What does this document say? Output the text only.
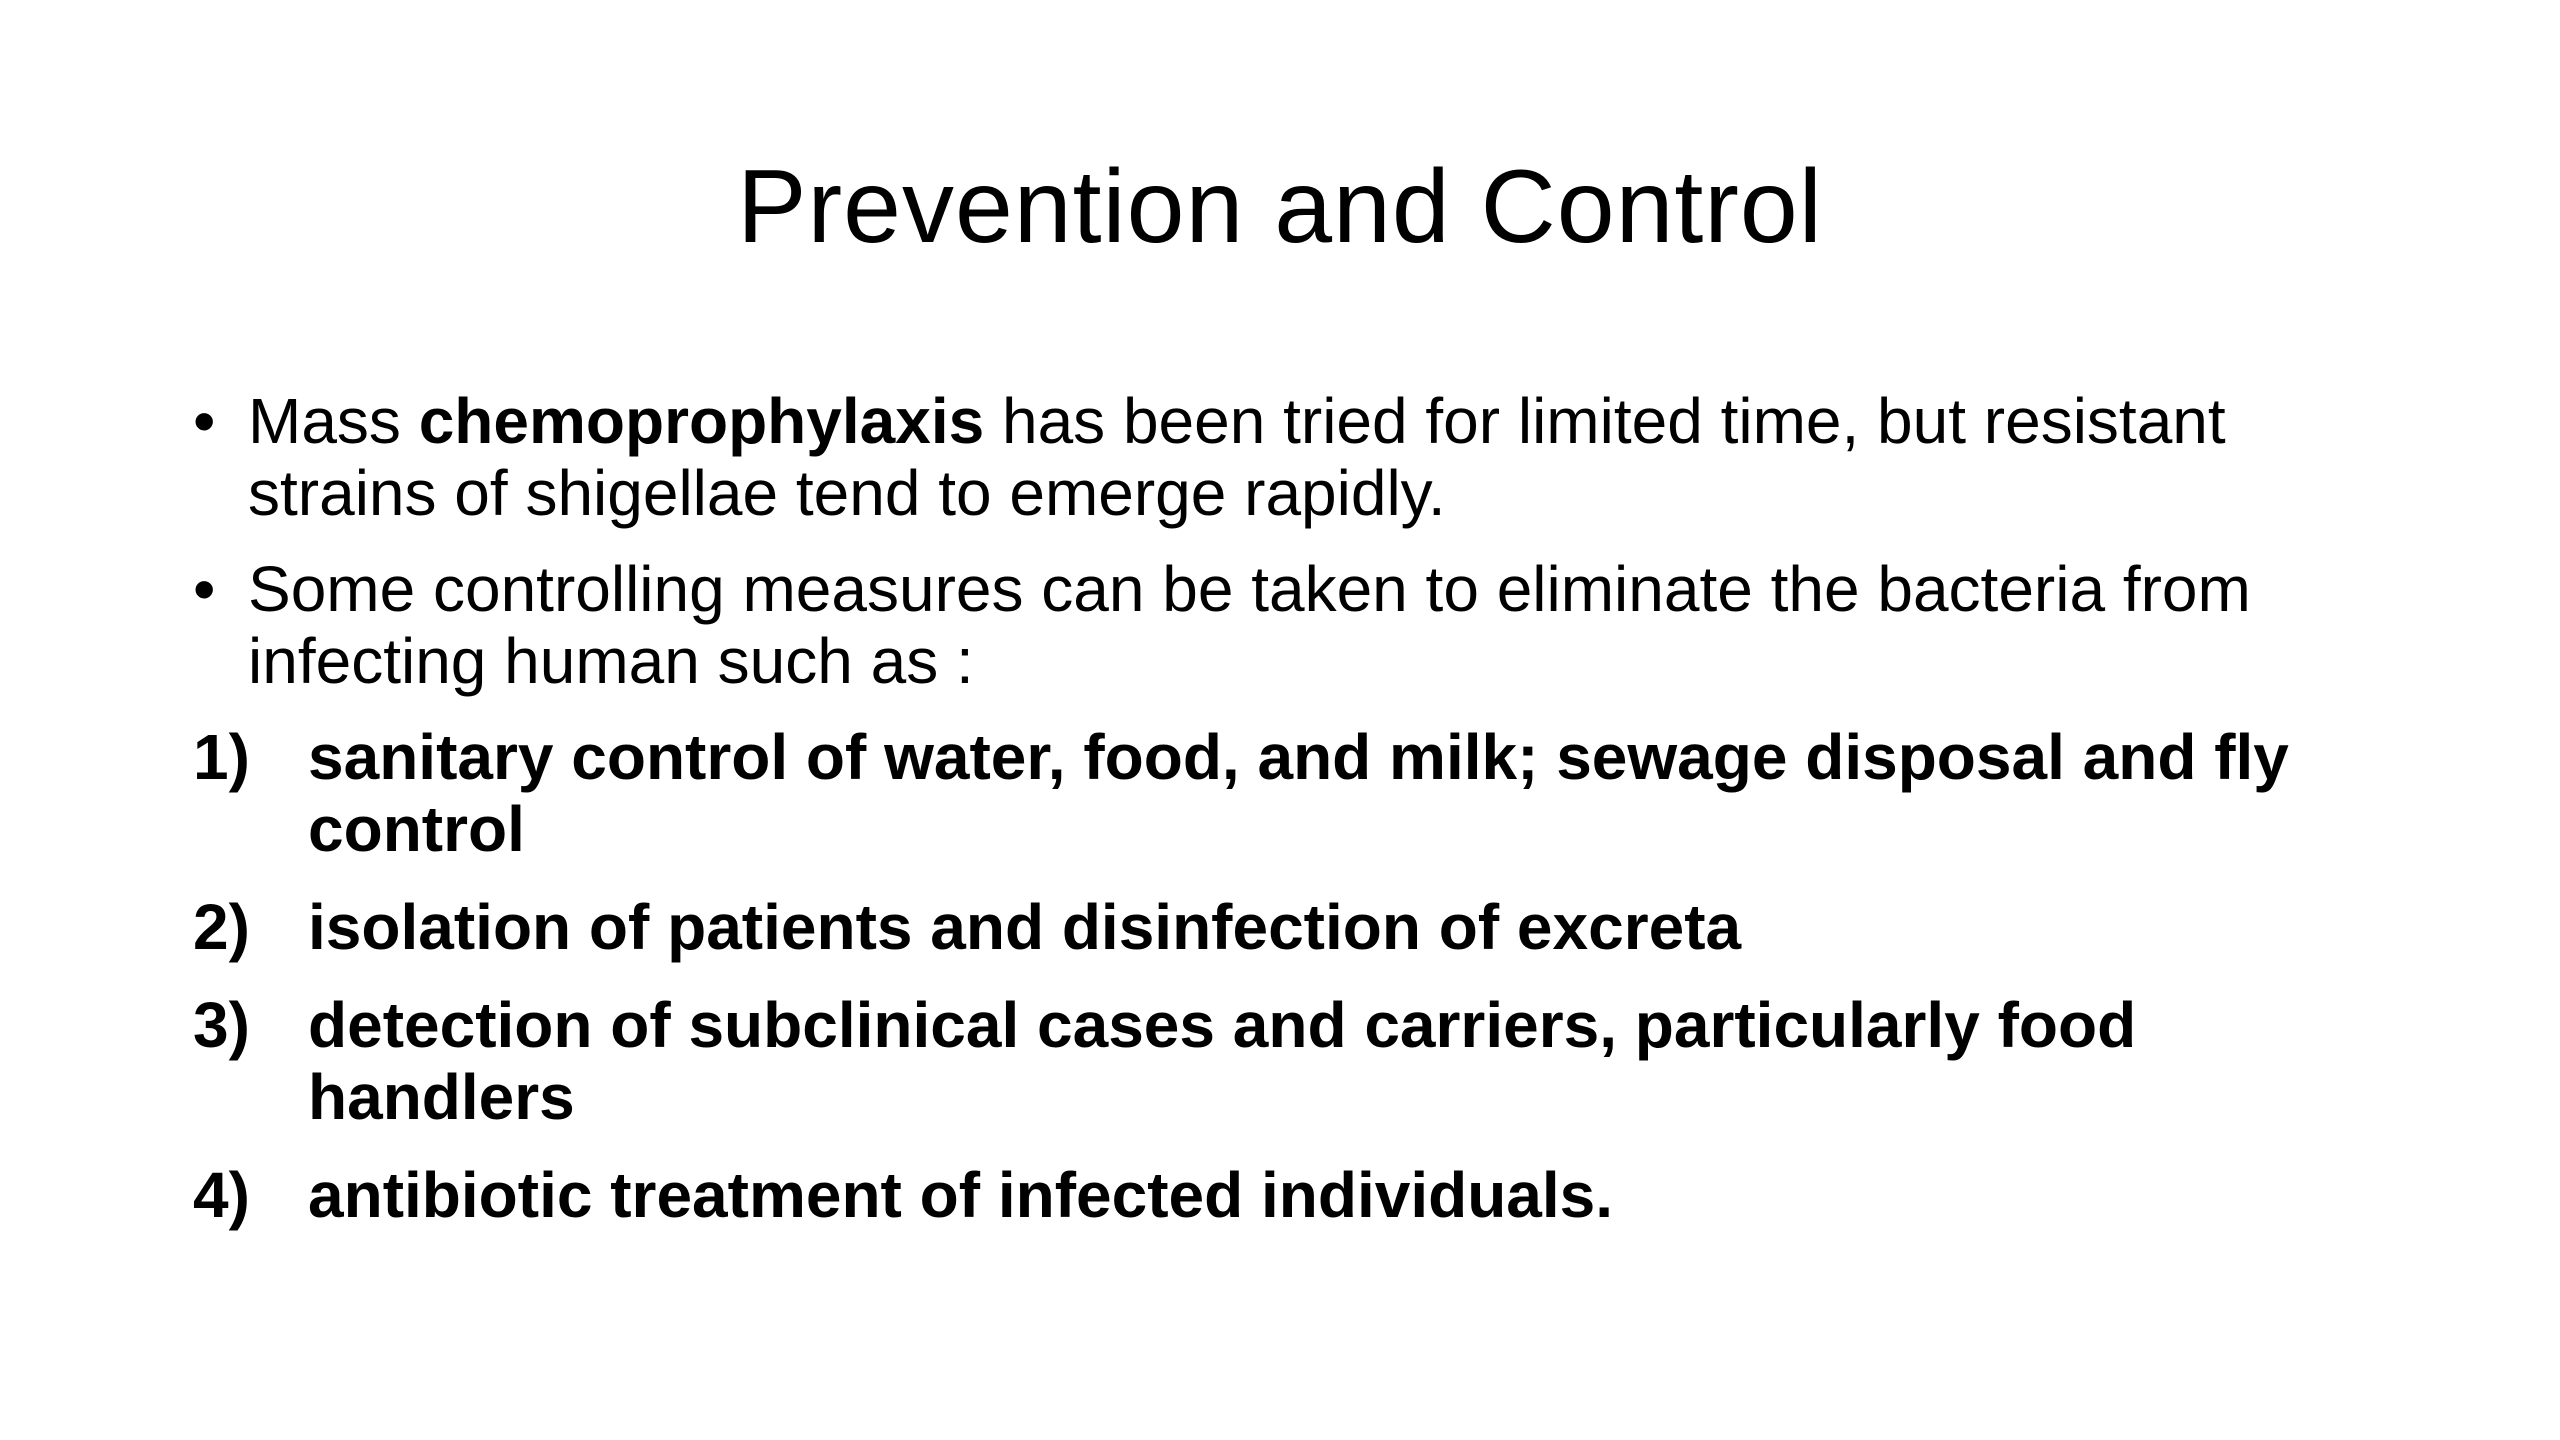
Prevention and Control
• Mass chemoprophylaxis has been tried for limited time, but resistant strains of shigellae tend to emerge rapidly.
• Some controlling measures can be taken to eliminate the bacteria from infecting human such as :
1) sanitary control of water, food, and milk; sewage disposal and fly control
2) isolation of patients and disinfection of excreta
3) detection of subclinical cases and carriers, particularly food handlers
4) antibiotic treatment of infected individuals.
